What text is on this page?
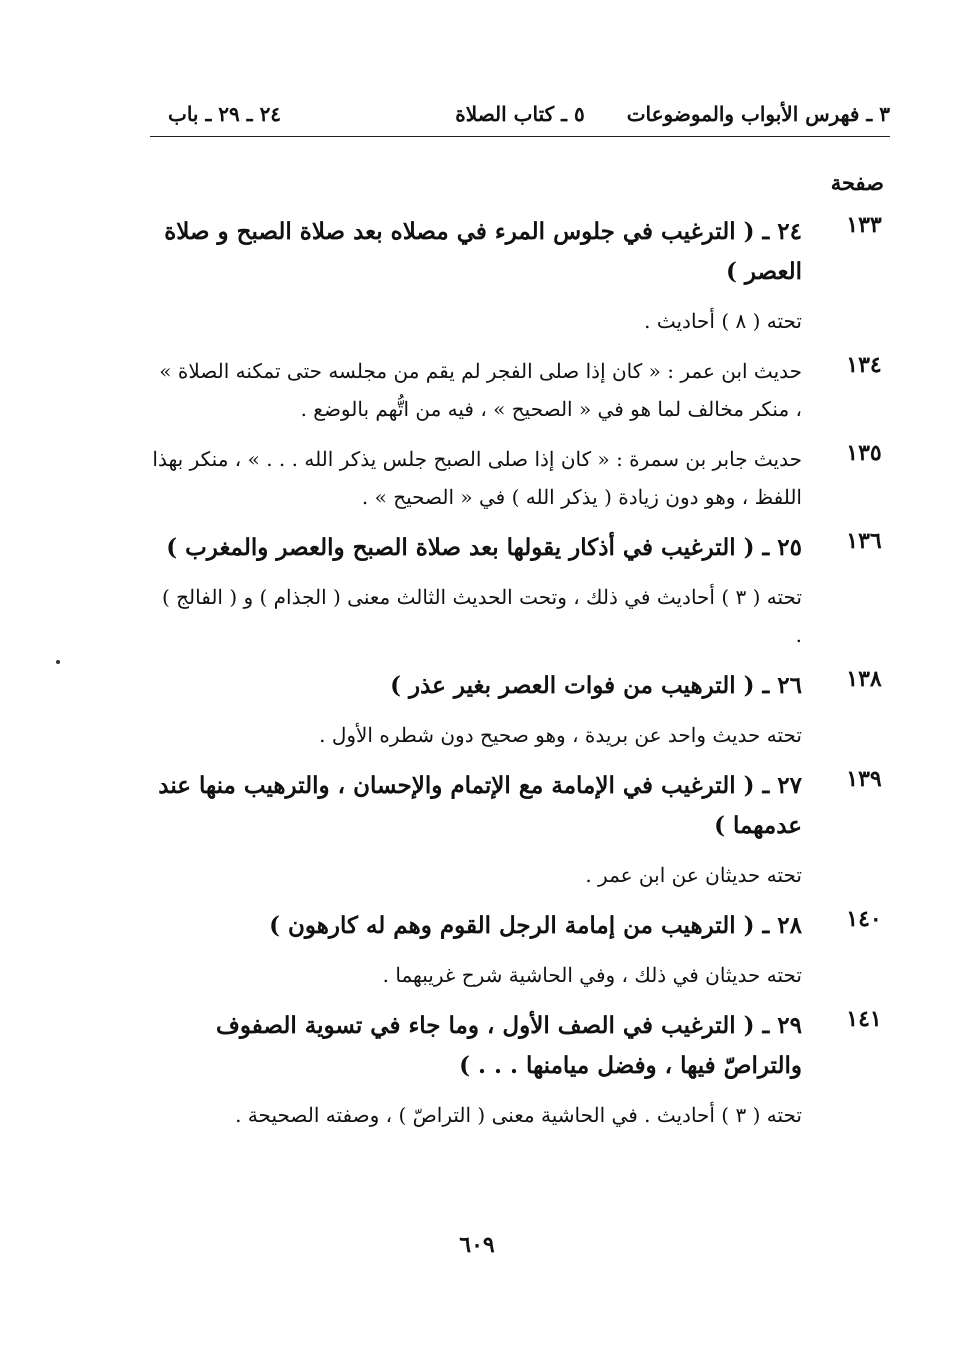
٣ ـ فهرس الأبواب والموضوعات
٥ ـ كتاب الصلاة
٢٤ ـ ٢٩ ـ باب
صفحة
١٣٣
٢٤ ـ ( الترغيب في جلوس المرء في مصلاه بعد صلاة الصبح و صلاة العصر )
تحته ( ٨ ) أحاديث .
١٣٤
حديث ابن عمر : « كان إذا صلى الفجر لم يقم من مجلسه حتى تمكنه الصلاة » ، منكر مخالف لما هو في « الصحيح » ، فيه من اتُّهم بالوضع .
١٣٥
حديث جابر بن سمرة : « كان إذا صلى الصبح جلس يذكر الله . . . » ، منكر بهذا اللفظ ، وهو دون زيادة ( يذكر الله ) في « الصحيح » .
١٣٦
٢٥ ـ ( الترغيب في أذكار يقولها بعد صلاة الصبح والعصر والمغرب )
تحته ( ٣ ) أحاديث في ذلك ، وتحت الحديث الثالث معنى ( الجذام ) و ( الفالج ) .
١٣٨
٢٦ ـ ( الترهيب من فوات العصر بغير عذر )
تحته حديث واحد عن بريدة ، وهو صحيح دون شطره الأول .
١٣٩
٢٧ ـ ( الترغيب في الإمامة مع الإتمام والإحسان ، والترهيب منها عند عدمهما )
تحته حديثان عن ابن عمر .
١٤٠
٢٨ ـ ( الترهيب من إمامة الرجل القوم وهم له كارهون )
تحته حديثان في ذلك ، وفي الحاشية شرح غريبهما .
١٤١
٢٩ ـ ( الترغيب في الصف الأول ، وما جاء في تسوية الصفوف والتراصّ فيها ، وفضل ميامنها . . . )
تحته ( ٣ ) أحاديث . في الحاشية معنى ( التراصّ ) ، وصفته الصحيحة .
٦٠٩
